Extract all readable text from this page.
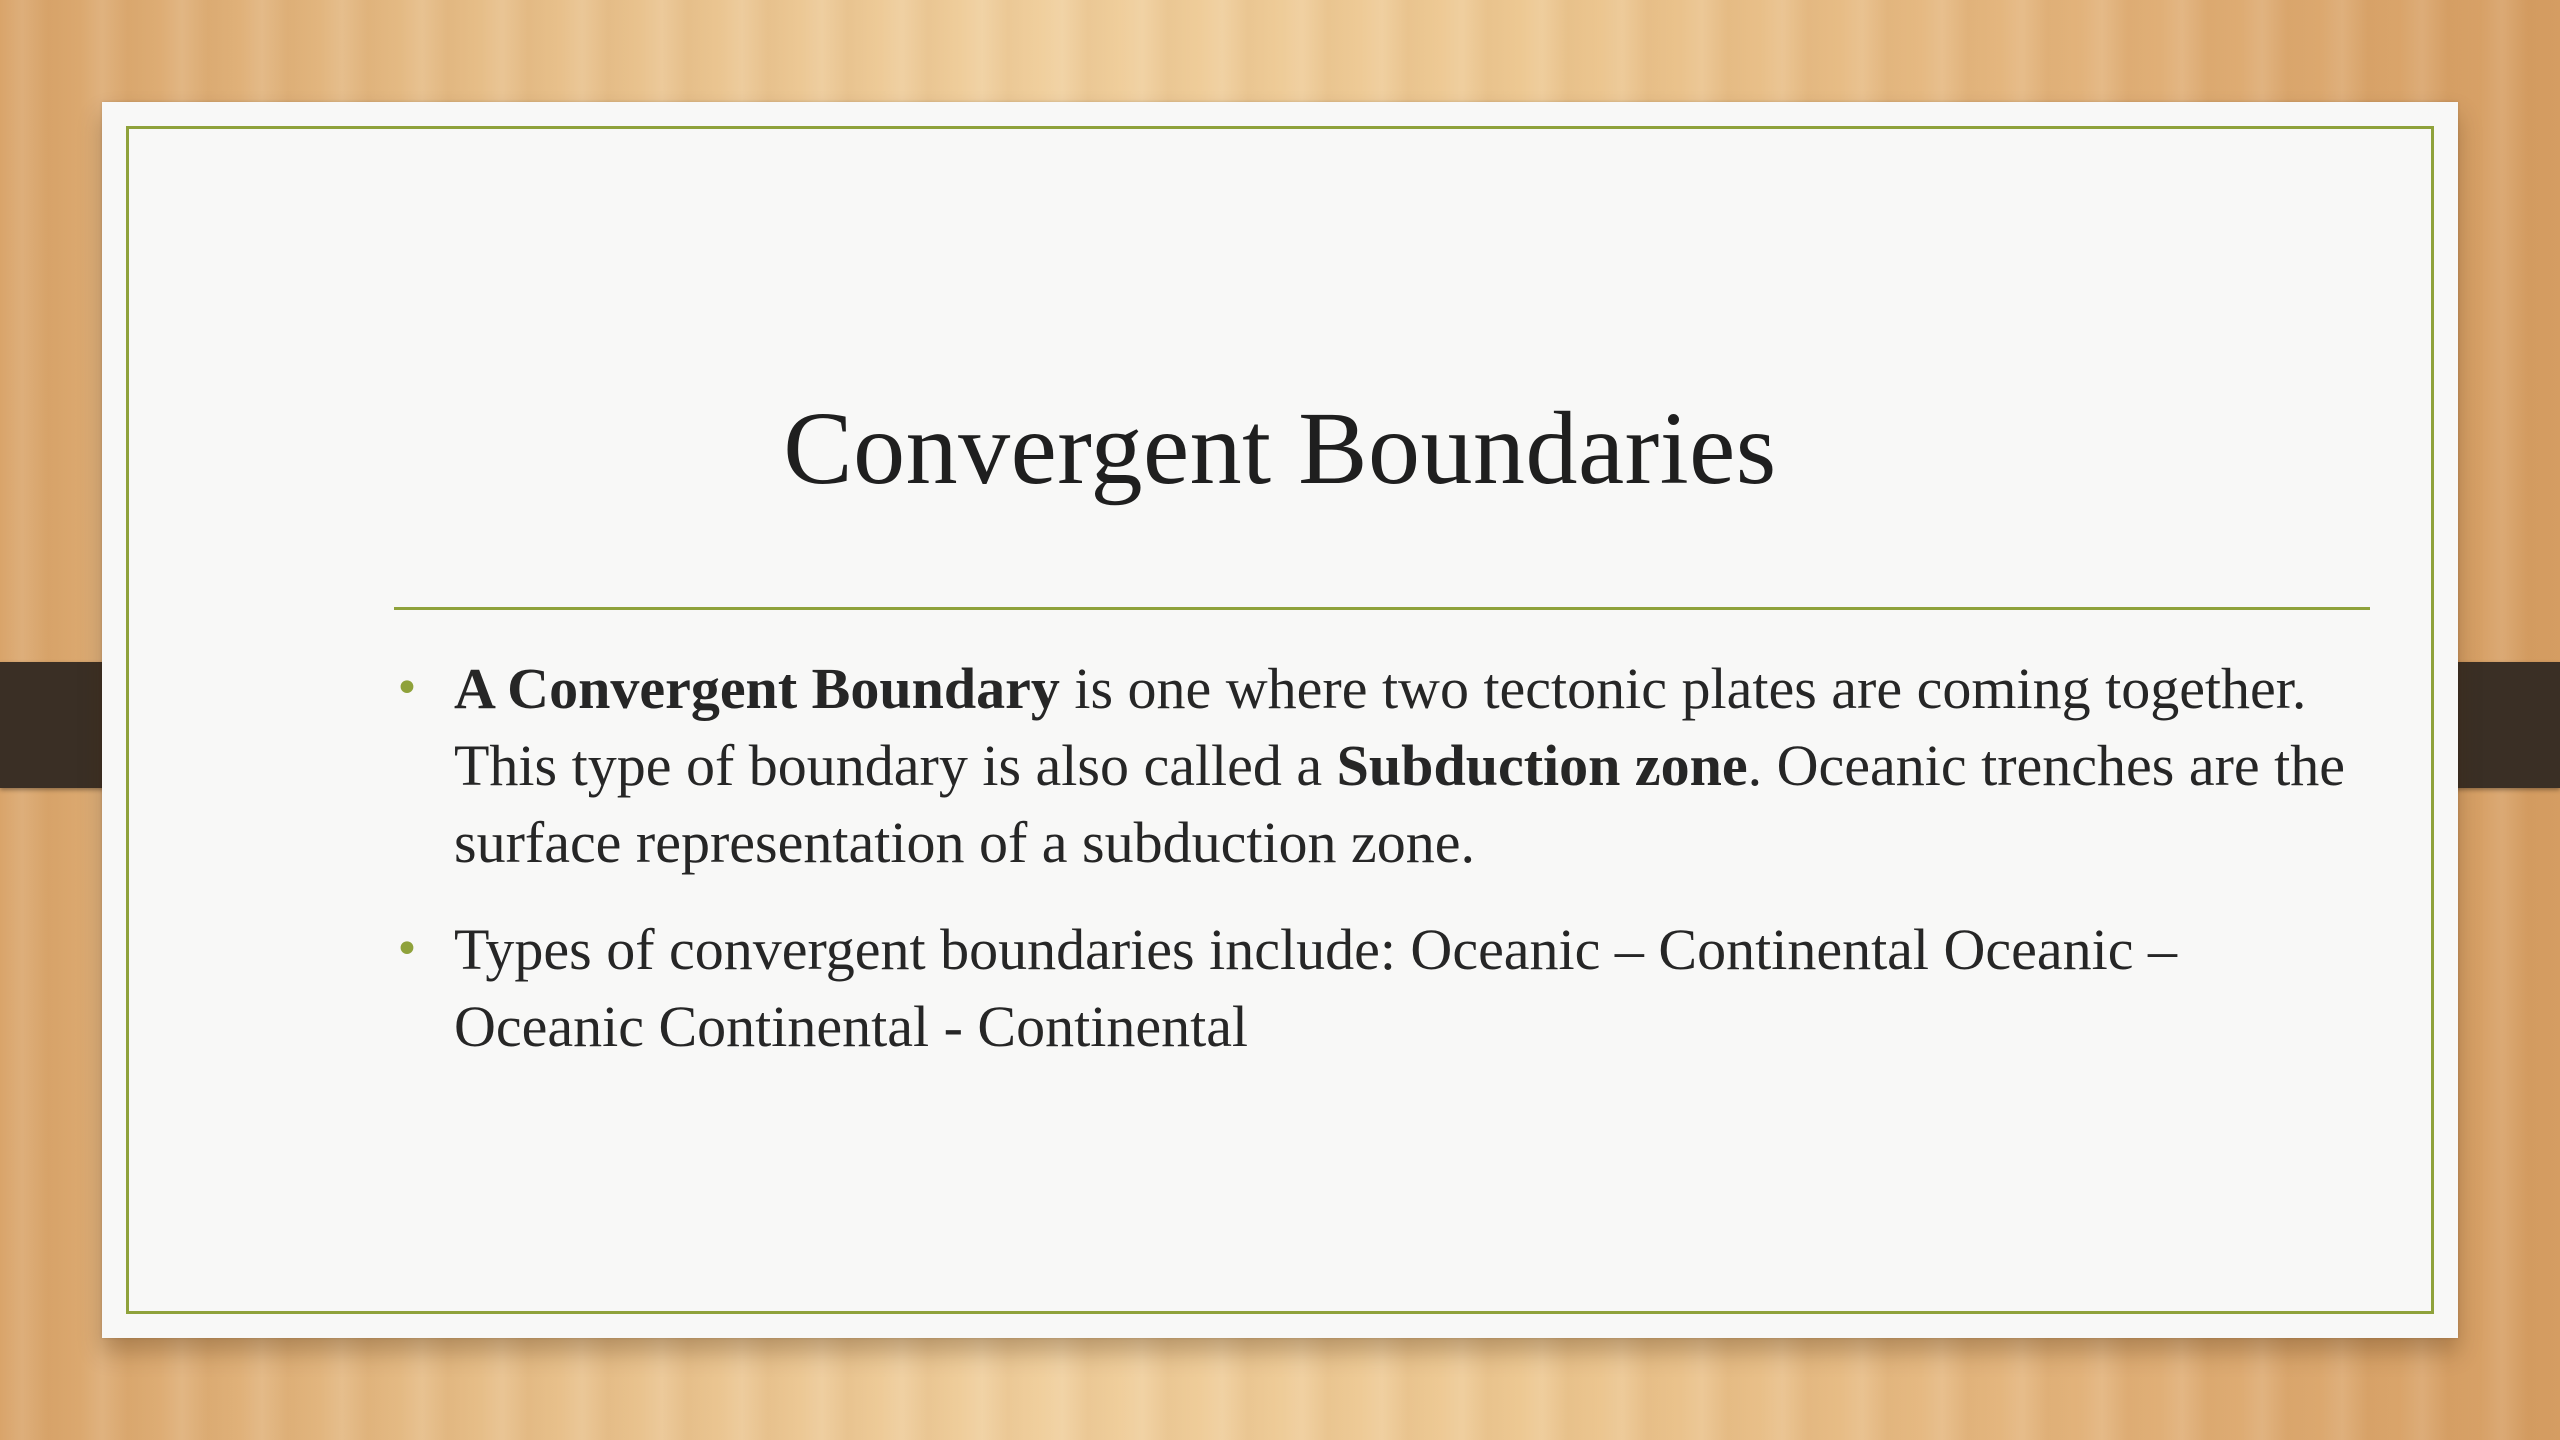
Convergent Boundaries
• A Convergent Boundary is one where two tectonic plates are coming together. This type of boundary is also called a Subduction zone. Oceanic trenches are the surface representation of a subduction zone.
• Types of convergent boundaries include: Oceanic – Continental Oceanic – Oceanic Continental - Continental
